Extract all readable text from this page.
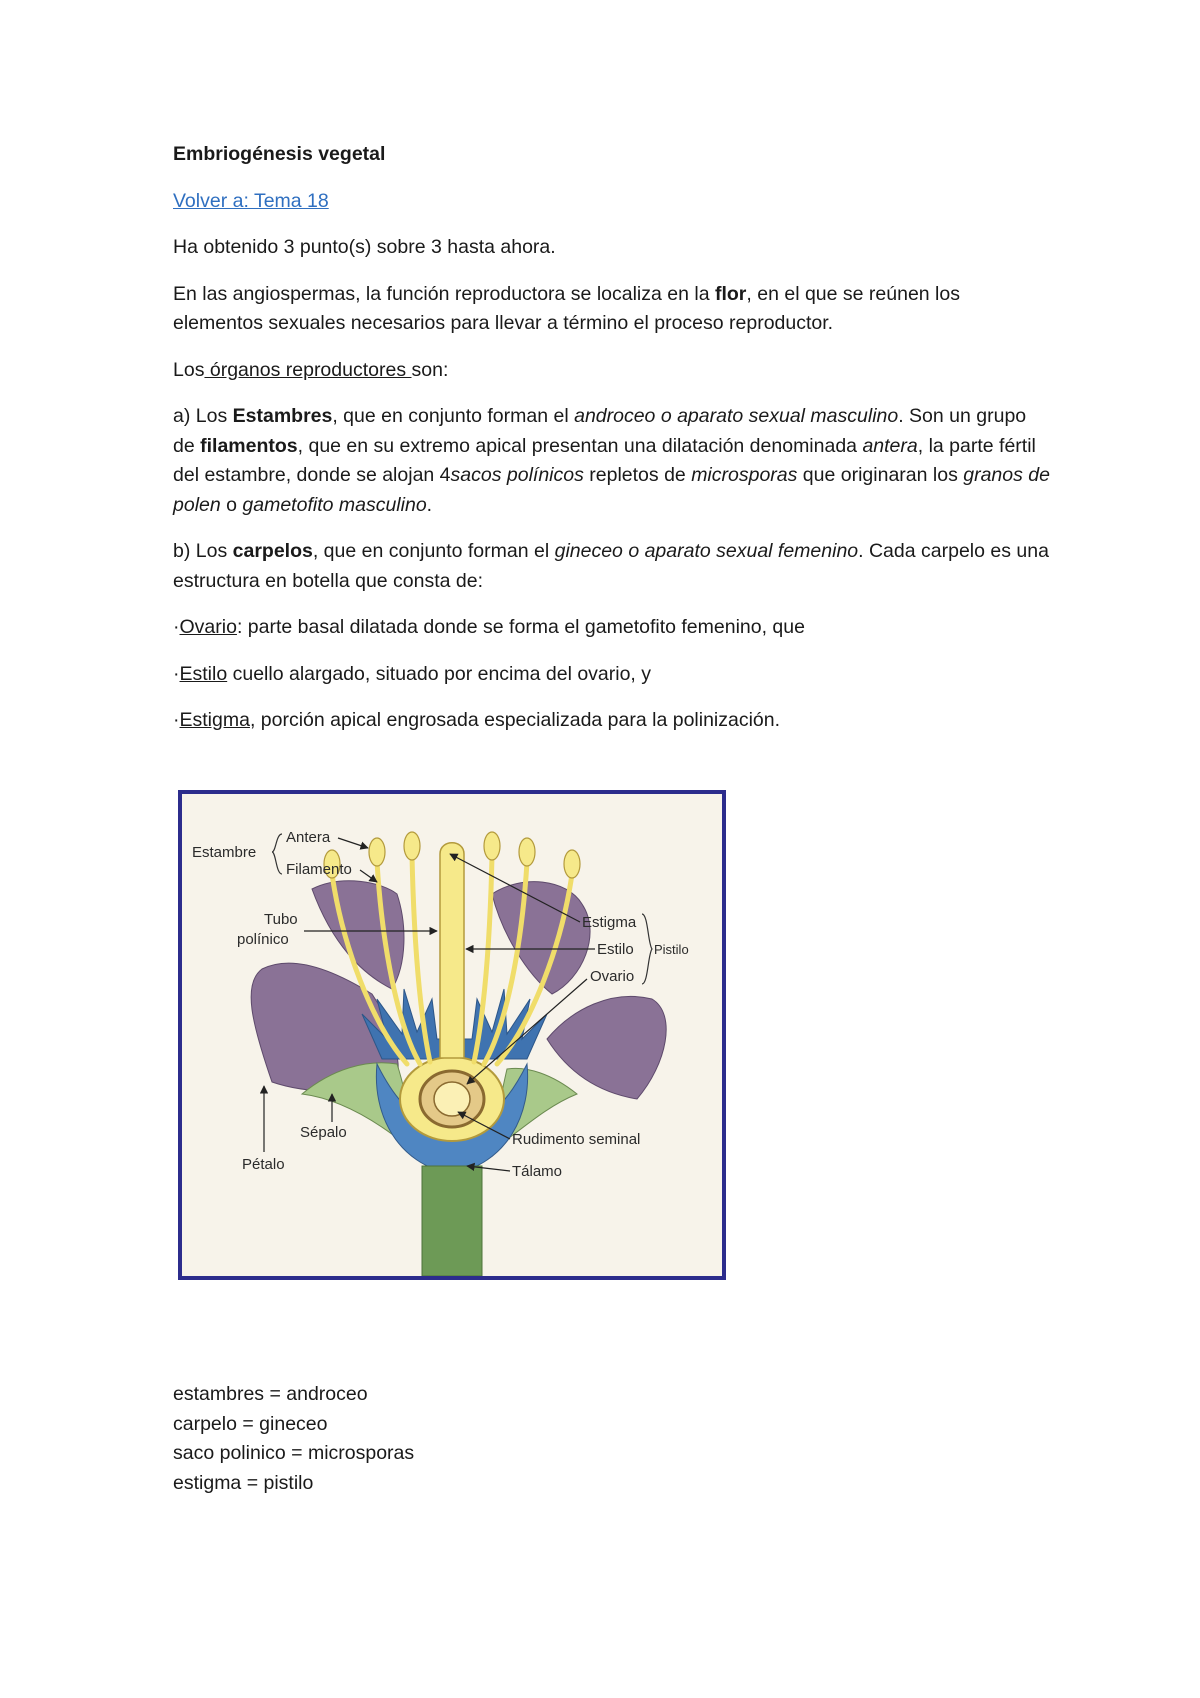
Embriogénesis vegetal
Volver a: Tema 18
Ha obtenido 3 punto(s) sobre 3 hasta ahora.
En las angiospermas, la función reproductora se localiza en la flor, en el que se reúnen los elementos sexuales necesarios para llevar a término el proceso reproductor.
Los órganos reproductores son:
a) Los Estambres, que en conjunto forman el androceo o aparato sexual masculino. Son un grupo de filamentos, que en su extremo apical presentan una dilatación denominada antera, la parte fértil del estambre, donde se alojan 4sacos polínicos repletos de microsporas que originaran los granos de polen o gametofito masculino.
b) Los carpelos, que en conjunto forman el gineceo o aparato sexual femenino. Cada carpelo es una estructura en botella que consta de:
·Ovario: parte basal dilatada donde se forma el gametofito femenino, que
·Estilo cuello alargado, situado por encima del ovario, y
·Estigma, porción apical engrosada especializada para la polinización.
Estambre
Antera
Filamento
Tubo
polínico
Estigma
Estilo
Ovario
Pistilo
Sépalo
Pétalo
Rudimento seminal
Tálamo
estambres = androceo
carpelo = gineceo
saco polinico = microsporas
estigma = pistilo
